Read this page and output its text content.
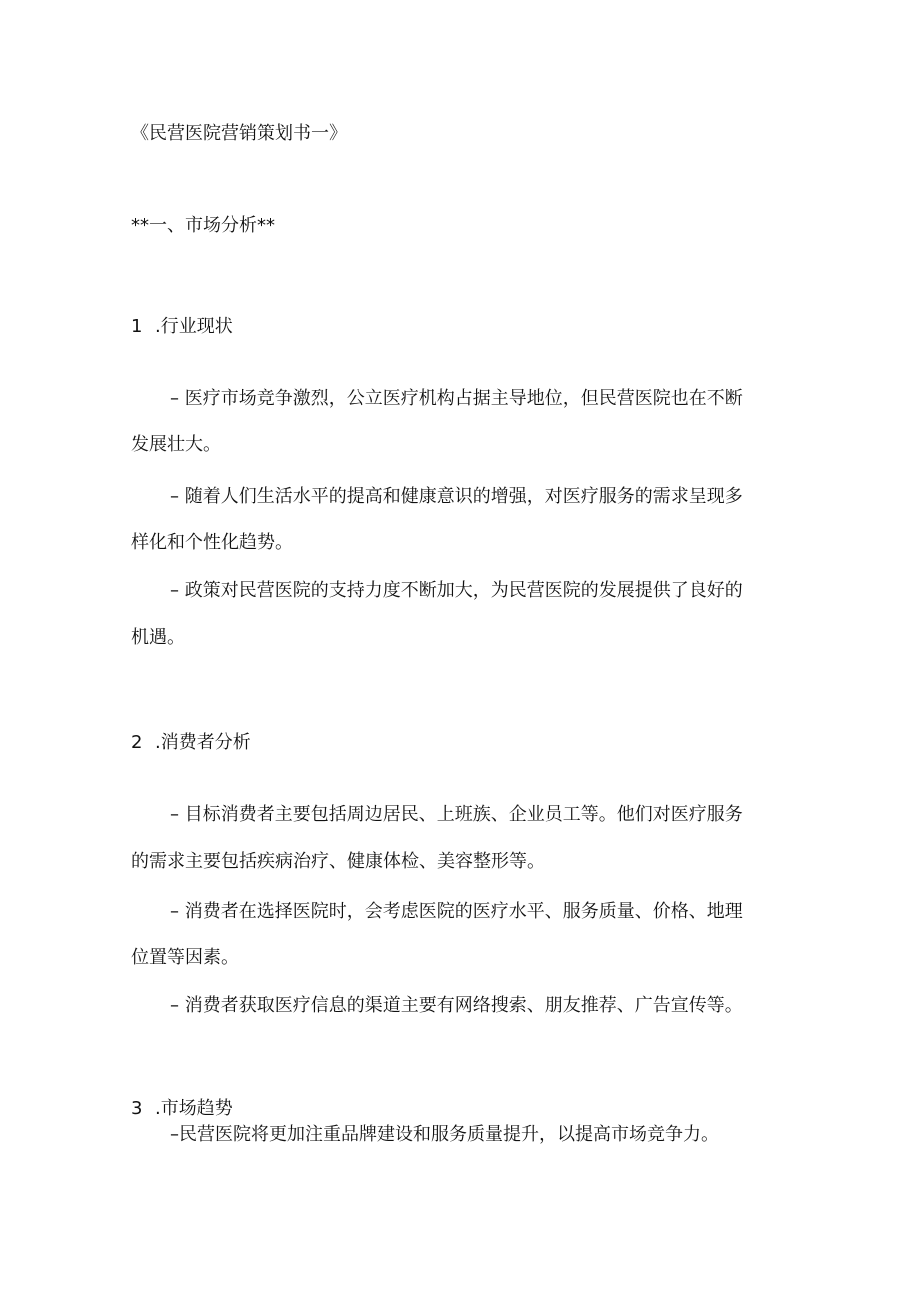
《民营医院营销策划书一》
**一、市场分析**
1 .行业现状
– 医疗市场竞争激烈，公立医疗机构占据主导地位，但民营医院也在不断
发展壮大。
– 随着人们生活水平的提高和健康意识的增强，对医疗服务的需求呈现多
样化和个性化趋势。
– 政策对民营医院的支持力度不断加大，为民营医院的发展提供了良好的
机遇。
2 .消费者分析
– 目标消费者主要包括周边居民、上班族、企业员工等。他们对医疗服务
的需求主要包括疾病治疗、健康体检、美容整形等。
– 消费者在选择医院时，会考虑医院的医疗水平、服务质量、价格、地理
位置等因素。
– 消费者获取医疗信息的渠道主要有网络搜索、朋友推荐、广告宣传等。
3 .市场趋势
–民营医院将更加注重品牌建设和服务质量提升，以提高市场竞争力。
